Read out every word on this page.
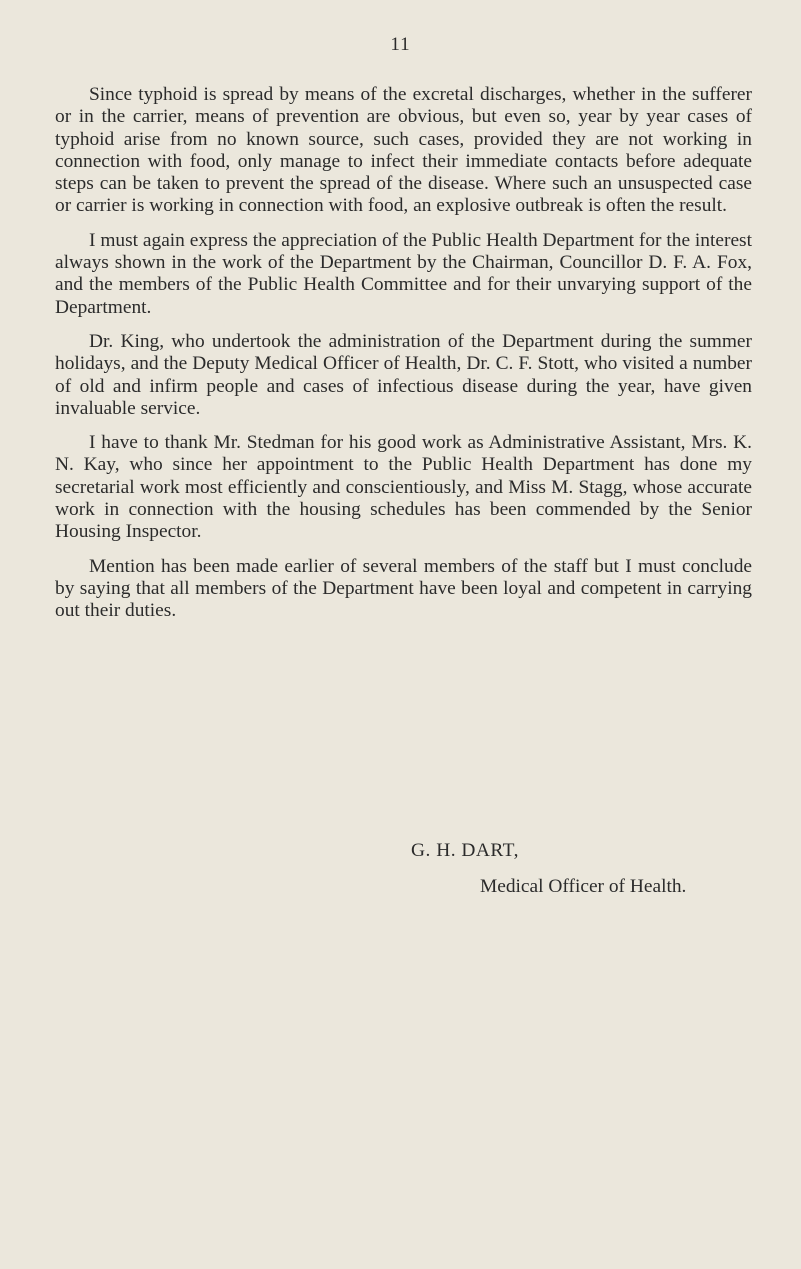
11

Since typhoid is spread by means of the excretal discharges, whether in the sufferer or in the carrier, means of prevention are obvious, but even so, year by year cases of typhoid arise from no known source, such cases, provided they are not working in connection with food, only manage to infect their immediate contacts before adequate steps can be taken to prevent the spread of the disease. Where such an unsuspected case or carrier is working in connection with food, an explosive outbreak is often the result.

I must again express the appreciation of the Public Health Department for the interest always shown in the work of the Department by the Chairman, Councillor D. F. A. Fox, and the members of the Public Health Committee and for their unvarying support of the Department.

Dr. King, who undertook the administration of the Department during the summer holidays, and the Deputy Medical Officer of Health, Dr. C. F. Stott, who visited a number of old and infirm people and cases of infectious disease during the year, have given invaluable service.

I have to thank Mr. Stedman for his good work as Administrative Assistant, Mrs. K. N. Kay, who since her appointment to the Public Health Department has done my secretarial work most efficiently and conscientiously, and Miss M. Stagg, whose accurate work in connection with the housing schedules has been commended by the Senior Housing Inspector.

Mention has been made earlier of several members of the staff but I must conclude by saying that all members of the Department have been loyal and competent in carrying out their duties.

G. H. DART,
Medical Officer of Health.
